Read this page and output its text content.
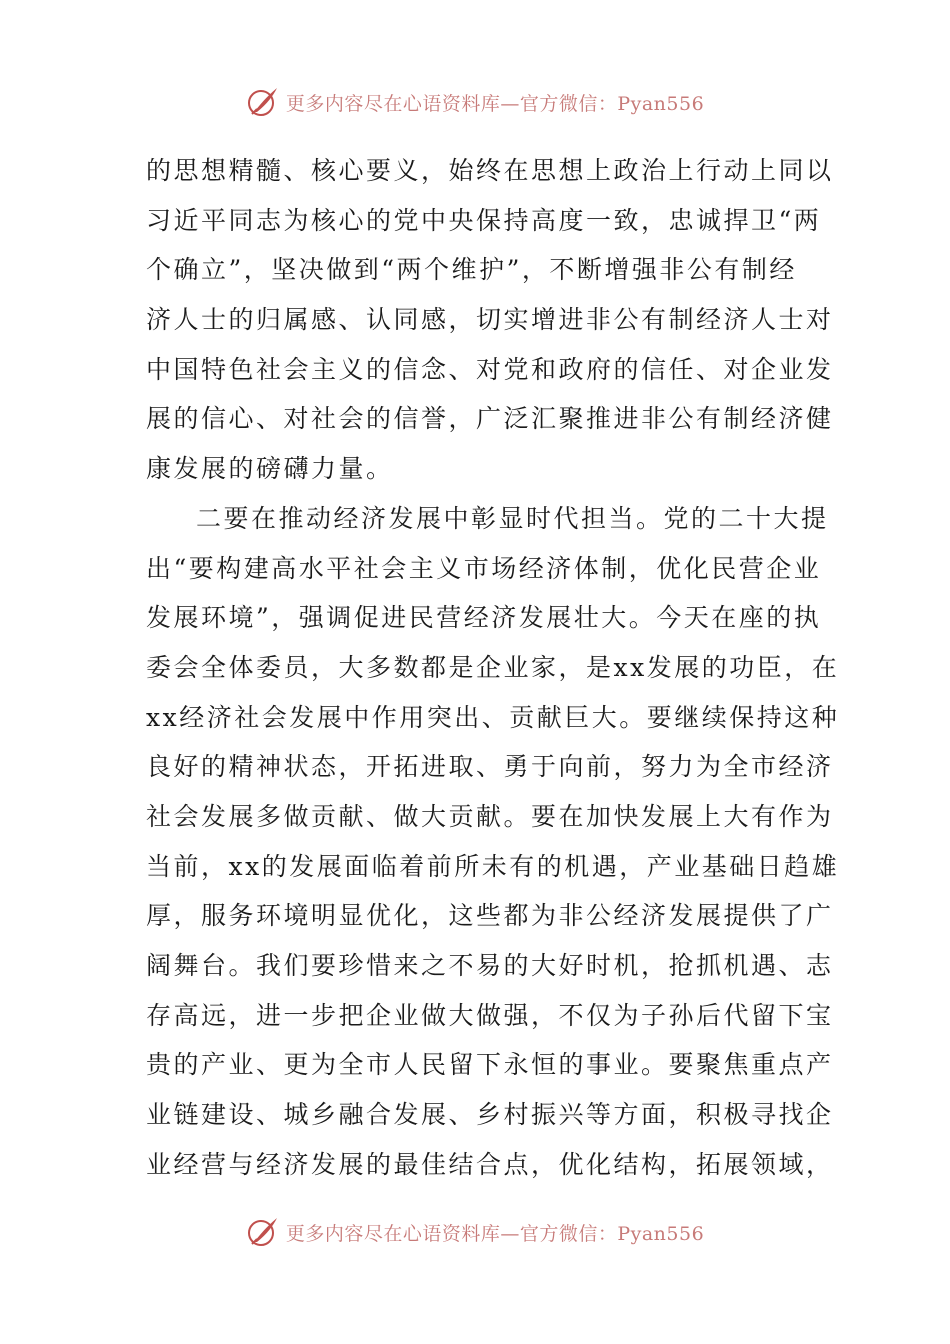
更多内容尽在心语资料库—官方微信：Pyan556
的思想精髓、核心要义，始终在思想上政治上行动上同以
习近平同志为核心的党中央保持高度一致，忠诚捍卫“两
个确立”，坚决做到“两个维护”，不断增强非公有制经
济人士的归属感、认同感，切实增进非公有制经济人士对
中国特色社会主义的信念、对党和政府的信任、对企业发
展的信心、对社会的信誉，广泛汇聚推进非公有制经济健
康发展的磅礴力量。
二要在推动经济发展中彰显时代担当。党的二十大提
出“要构建高水平社会主义市场经济体制，优化民营企业
发展环境”，强调促进民营经济发展壮大。今天在座的执
委会全体委员，大多数都是企业家，是xx发展的功臣，在
xx经济社会发展中作用突出、贡献巨大。要继续保持这种
良好的精神状态，开拓进取、勇于向前，努力为全市经济
社会发展多做贡献、做大贡献。要在加快发展上大有作为
当前，xx的发展面临着前所未有的机遇，产业基础日趋雄
厚，服务环境明显优化，这些都为非公经济发展提供了广
阔舞台。我们要珍惜来之不易的大好时机，抢抓机遇、志
存高远，进一步把企业做大做强，不仅为子孙后代留下宝
贵的产业、更为全市人民留下永恒的事业。要聚焦重点产
业链建设、城乡融合发展、乡村振兴等方面，积极寻找企
业经营与经济发展的最佳结合点，优化结构，拓展领域，
更多内容尽在心语资料库—官方微信：Pyan556
